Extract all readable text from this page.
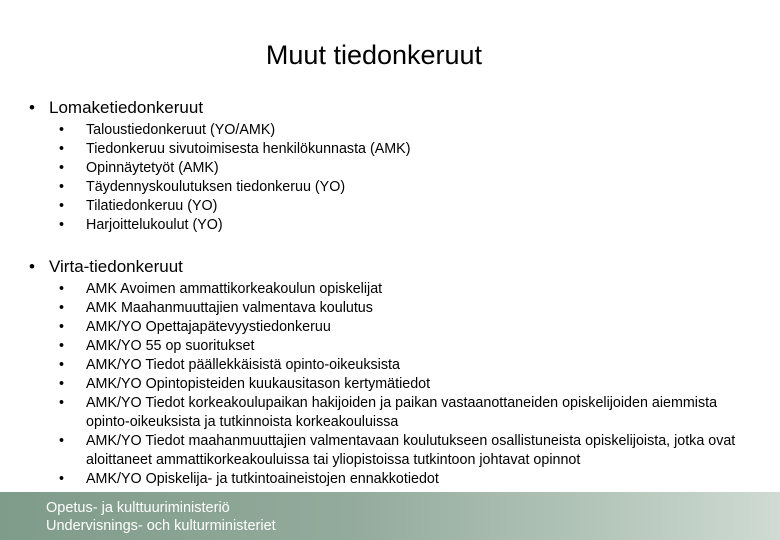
Muut tiedonkeruut
• Lomaketiedonkeruut
• Taloustiedonkeruut (YO/AMK)
• Tiedonkeruu sivutoimisesta henkilökunnasta (AMK)
• Opinnäytetyöt (AMK)
• Täydennyskoulutuksen tiedonkeruu (YO)
• Tilatiedonkeruu (YO)
• Harjoittelukoulut (YO)
• Virta-tiedonkeruut
• AMK Avoimen ammattikorkeakoulun opiskelijat
• AMK Maahanmuuttajien valmentava koulutus
• AMK/YO Opettajapätevyystiedonkeruu
• AMK/YO 55 op suoritukset
• AMK/YO Tiedot päällekkäisistä opinto-oikeuksista
• AMK/YO Opintopisteiden kuukausitason kertymätiedot
• AMK/YO Tiedot korkeakoulupaikan hakijoiden ja paikan vastaanottaneiden opiskelijoiden aiemmista opinto-oikeuksista ja tutkinnoista korkeakouluissa
• AMK/YO Tiedot maahanmuuttajien valmentavaan koulutukseen osallistuneista opiskelijoista, jotka ovat aloittaneet ammattikorkeakouluissa tai yliopistoissa tutkintoon johtavat opinnot
• AMK/YO Opiskelija- ja tutkintoaineistojen ennakkotiedot
Opetus- ja kulttuuriministeriö
Undervisnings- och kulturministeriet
